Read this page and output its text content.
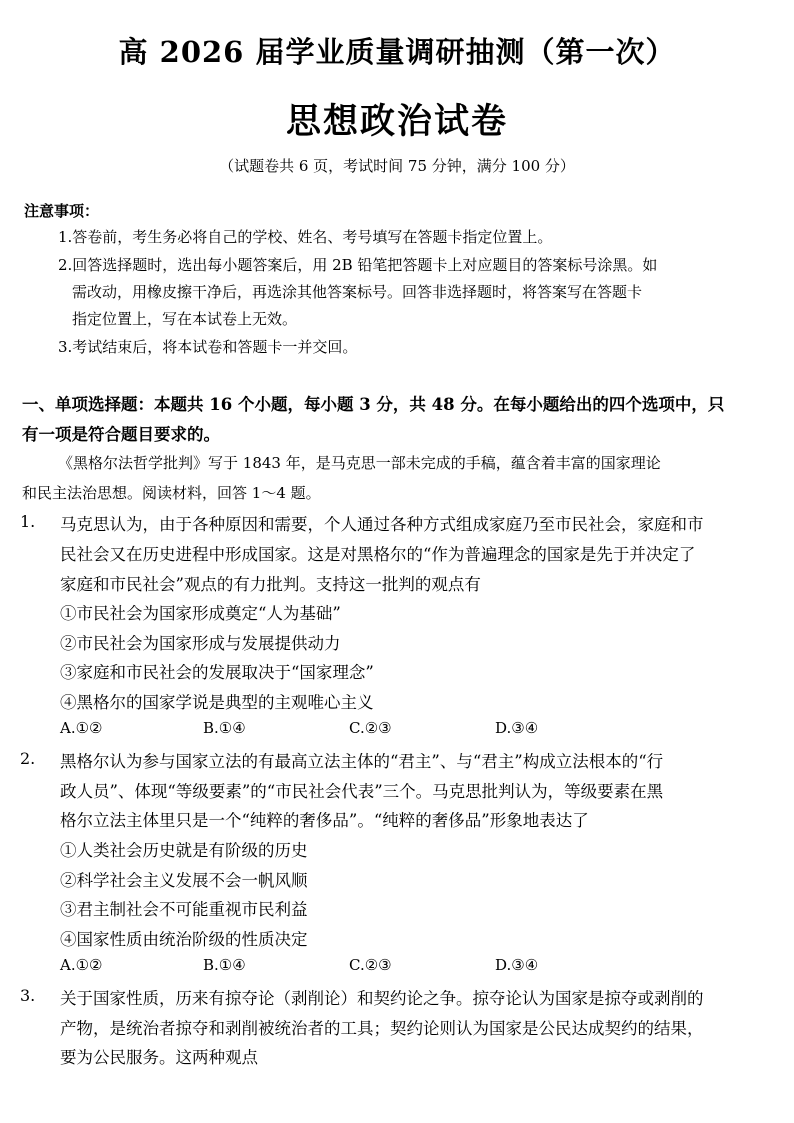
高 2026 届学业质量调研抽测（第一次）
思想政治试卷
（试题卷共 6 页，考试时间 75 分钟，满分 100 分）
注意事项：
1.答卷前，考生务必将自己的学校、姓名、考号填写在答题卡指定位置上。
2.回答选择题时，选出每小题答案后，用 2B 铅笔把答题卡上对应题目的答案标号涂黑。如
需改动，用橡皮擦干净后，再选涂其他答案标号。回答非选择题时，将答案写在答题卡
指定位置上，写在本试卷上无效。
3.考试结束后，将本试卷和答题卡一并交回。
一、单项选择题：本题共 16 个小题，每小题 3 分，共 48 分。在每小题给出的四个选项中，只
有一项是符合题目要求的。
《黑格尔法哲学批判》写于 1843 年，是马克思一部未完成的手稿，蕴含着丰富的国家理论
和民主法治思想。阅读材料，回答 1～4 题。
1. 马克思认为，由于各种原因和需要，个人通过各种方式组成家庭乃至市民社会，家庭和市
民社会又在历史进程中形成国家。这是对黑格尔的“作为普遍理念的国家是先于并决定了
家庭和市民社会”观点的有力批判。支持这一批判的观点有
①市民社会为国家形成奠定“人为基础”
②市民社会为国家形成与发展提供动力
③家庭和市民社会的发展取决于“国家理念”
④黑格尔的国家学说是典型的主观唯心主义
A.①②	B.①④	C.②③	D.③④
2. 黑格尔认为参与国家立法的有最高立法主体的“君主”、与“君主”构成立法根本的“行
政人员”、体现“等级要素”的“市民社会代表”三个。马克思批判认为，等级要素在黑
格尔立法主体里只是一个“纯粹的奢侈品”。“纯粹的奢侈品”形象地表达了
①人类社会历史就是有阶级的历史
②科学社会主义发展不会一帆风顺
③君主制社会不可能重视市民利益
④国家性质由统治阶级的性质决定
A.①②	B.①④	C.②③	D.③④
3. 关于国家性质，历来有掠夺论（剥削论）和契约论之争。掠夺论认为国家是掠夺或剥削的
产物，是统治者掠夺和剥削被统治者的工具；契约论则认为国家是公民达成契约的结果，
要为公民服务。这两种观点
